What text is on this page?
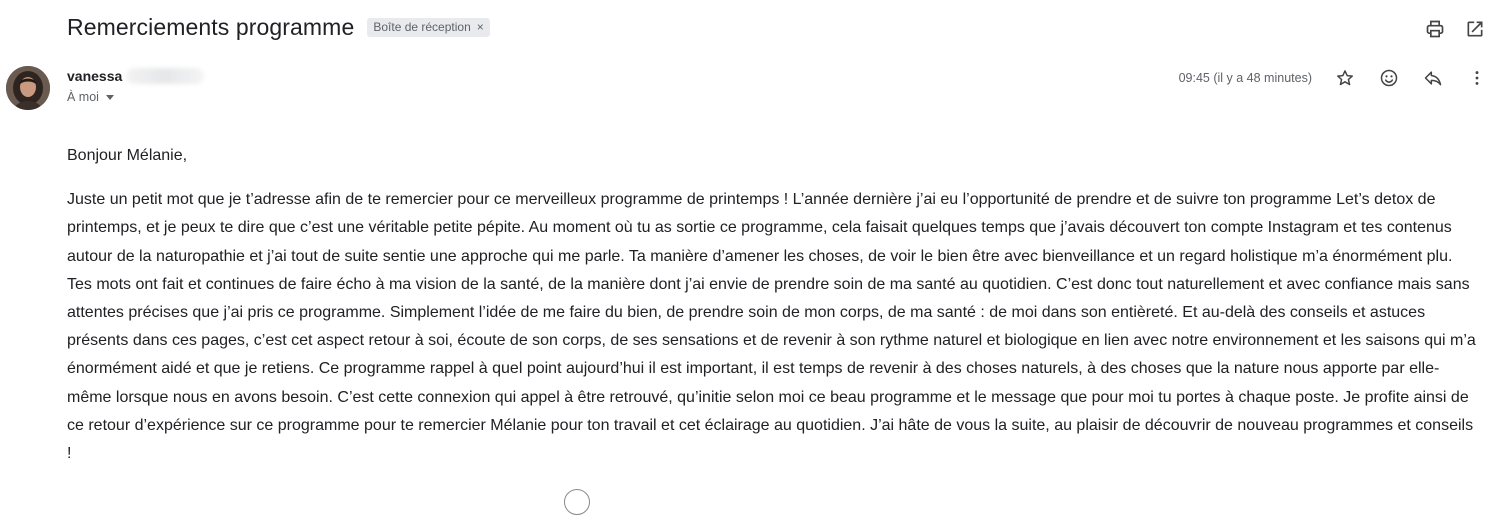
Remerciements programme Boîte de réception ×
vanessa
À moi
09:45 (il y a 48 minutes)

Bonjour Mélanie,

Juste un petit mot que je t’adresse afin de te remercier pour ce merveilleux programme de printemps ! L’année dernière j’ai eu l’opportunité de prendre et de suivre ton programme Let’s detox de printemps, et je peux te dire que c’est une véritable petite pépite. Au moment où tu as sortie ce programme, cela faisait quelques temps que j’avais découvert ton compte Instagram et tes contenus autour de la naturopathie et j’ai tout de suite sentie une approche qui me parle. Ta manière d’amener les choses, de voir le bien être avec bienveillance et un regard holistique m’a énormément plu. Tes mots ont fait et continues de faire écho à ma vision de la santé, de la manière dont j’ai envie de prendre soin de ma santé au quotidien. C’est donc tout naturellement et avec confiance mais sans attentes précises que j’ai pris ce programme. Simplement l’idée de me faire du bien, de prendre soin de mon corps, de ma santé : de moi dans son entièreté. Et au-delà des conseils et astuces présents dans ces pages, c’est cet aspect retour à soi, écoute de son corps, de ses sensations et de revenir à son rythme naturel et biologique en lien avec notre environnement et les saisons qui m’a énormément aidé et que je retiens. Ce programme rappel à quel point aujourd’hui il est important, il est temps de revenir à des choses naturels, à des choses que la nature nous apporte par elle-même lorsque nous en avons besoin. C’est cette connexion qui appel à être retrouvé, qu’initie selon moi ce beau programme et le message que pour moi tu portes à chaque poste. Je profite ainsi de ce retour d’expérience sur ce programme pour te remercier Mélanie pour ton travail et cet éclairage au quotidien. J’ai hâte de vous la suite, au plaisir de découvrir de nouveau programmes et conseils !
